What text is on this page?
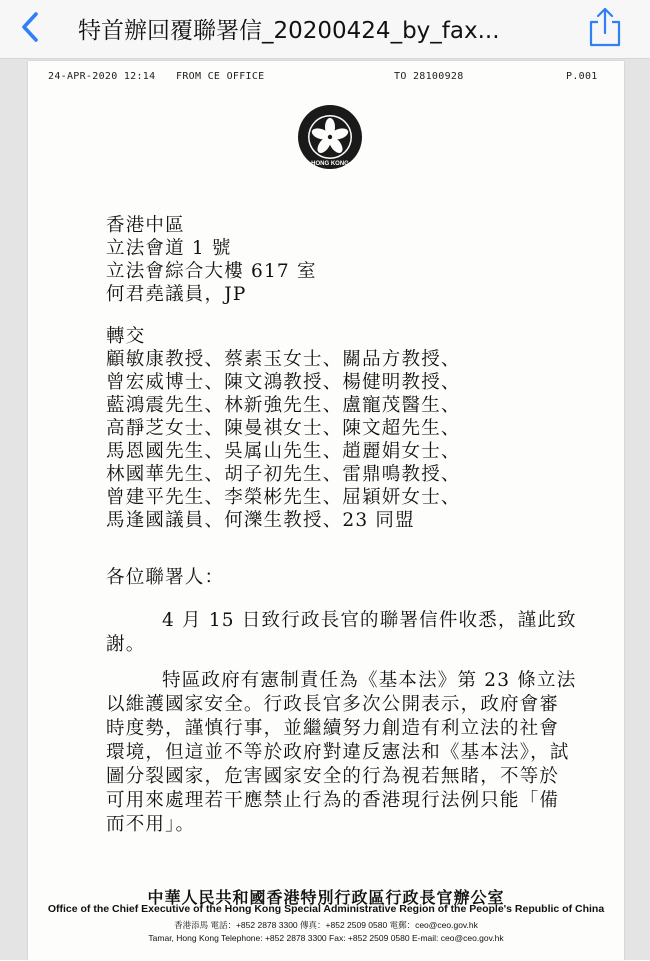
特首辦回覆聯署信_20200424_by_fax...
24-APR-2020 12:14 FROM CE OFFICE	TO 28100928	P.001
HONG KONG
香港中區
立法會道 1 號
立法會綜合大樓 617 室
何君堯議員，JP
轉交
顧敏康教授、蔡素玉女士、關品方教授、
曾宏威博士、陳文鴻教授、楊健明教授、
藍鴻震先生、林新強先生、盧寵茂醫生、
高靜芝女士、陳曼祺女士、陳文超先生、
馬恩國先生、吳属山先生、趙麗娟女士、
林國華先生、胡子初先生、雷鼎鳴教授、
曾建平先生、李榮彬先生、屈穎妍女士、
馬逢國議員、何濼生教授、23 同盟
各位聯署人：
4 月 15 日致行政長官的聯署信件收悉，謹此致
謝。
特區政府有憲制責任為《基本法》第 23 條立法
以維護國家安全。行政長官多次公開表示，政府會審
時度勢，謹慎行事，並繼續努力創造有利立法的社會
環境，但這並不等於政府對違反憲法和《基本法》，試
圖分裂國家，危害國家安全的行為視若無睹，不等於
可用來處理若干應禁止行為的香港現行法例只能「備
而不用」。
中華人民共和國香港特別行政區行政長官辦公室
Office of the Chief Executive of the Hong Kong Special Administrative Region of the People's Republic of China
香港添馬 電話：+852 2878 3300 傳真：+852 2509 0580 電郵：ceo@ceo.gov.hk
Tamar, Hong Kong Telephone: +852 2878 3300 Fax: +852 2509 0580 E-mail: ceo@ceo.gov.hk
